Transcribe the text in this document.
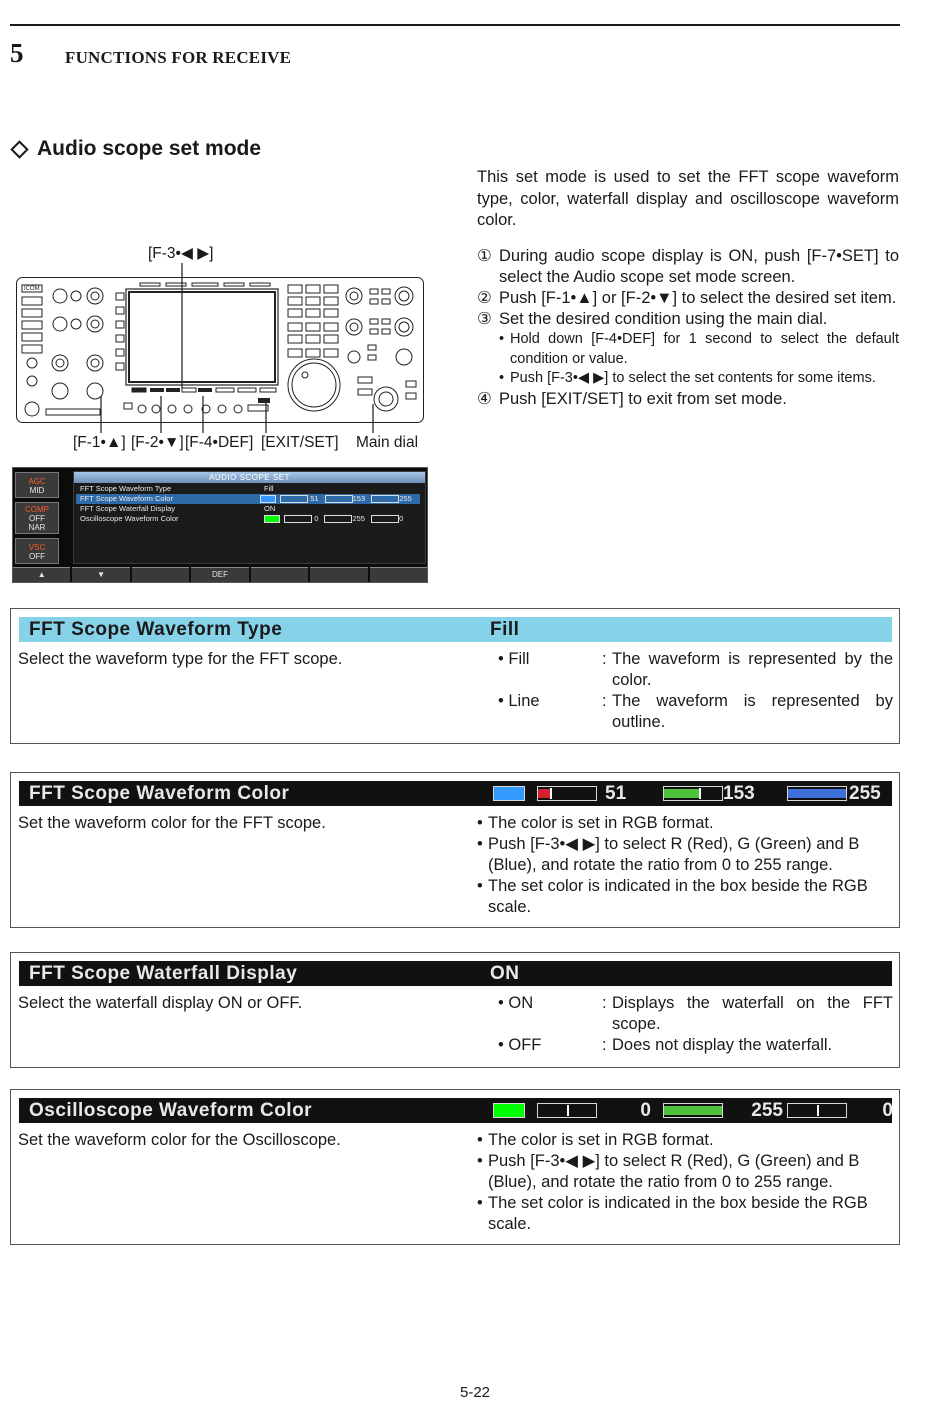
5 FUNCTIONS FOR RECEIVE
Audio scope set mode
This set mode is used to set the FFT scope waveform type, color, waterfall display and oscilloscope waveform color.
① During audio scope display is ON, push [F-7•SET] to select the Audio scope set mode screen.
② Push [F-1•▲] or [F-2•▼] to select the desired set item.
③ Set the desired condition using the main dial.
• Hold down [F-4•DEF] for 1 second to select the default condition or value.
• Push [F-3•◀ ▶] to select the set contents for some items.
④ Push [EXIT/SET] to exit from set mode.
[F-3•◀ ▶]
[F-1•▲] [F-2•▼] [F-4•DEF] [EXIT/SET] Main dial
ICOM
AGC
MID
COMP
OFF
NAR
VSC
OFF
AUDIO SCOPE SET
FFT Scope Waveform Type	Fill
FFT Scope Waveform Color	51	153	255
FFT Scope Waterfall Display	ON
Oscilloscope Waveform Color	0	255	0
▲	▼	DEF
FFT Scope Waveform Type	Fill
Select the waveform type for the FFT scope.	• Fill	: The waveform is represented by the color.
• Line	: The waveform is represented by outline.
FFT Scope Waveform Color	51	153	255
Set the waveform color for the FFT scope.	• The color is set in RGB format.
• Push [F-3•◀ ▶] to select R (Red), G (Green) and B (Blue), and rotate the ratio from 0 to 255 range.
• The set color is indicated in the box beside the RGB scale.
FFT Scope Waterfall Display	ON
Select the waterfall display ON or OFF.	• ON	: Displays the waterfall on the FFT scope.
• OFF	: Does not display the waterfall.
Oscilloscope Waveform Color	0	255	0
Set the waveform color for the Oscilloscope.	• The color is set in RGB format.
• Push [F-3•◀ ▶] to select R (Red), G (Green) and B (Blue), and rotate the ratio from 0 to 255 range.
• The set color is indicated in the box beside the RGB scale.
5-22
